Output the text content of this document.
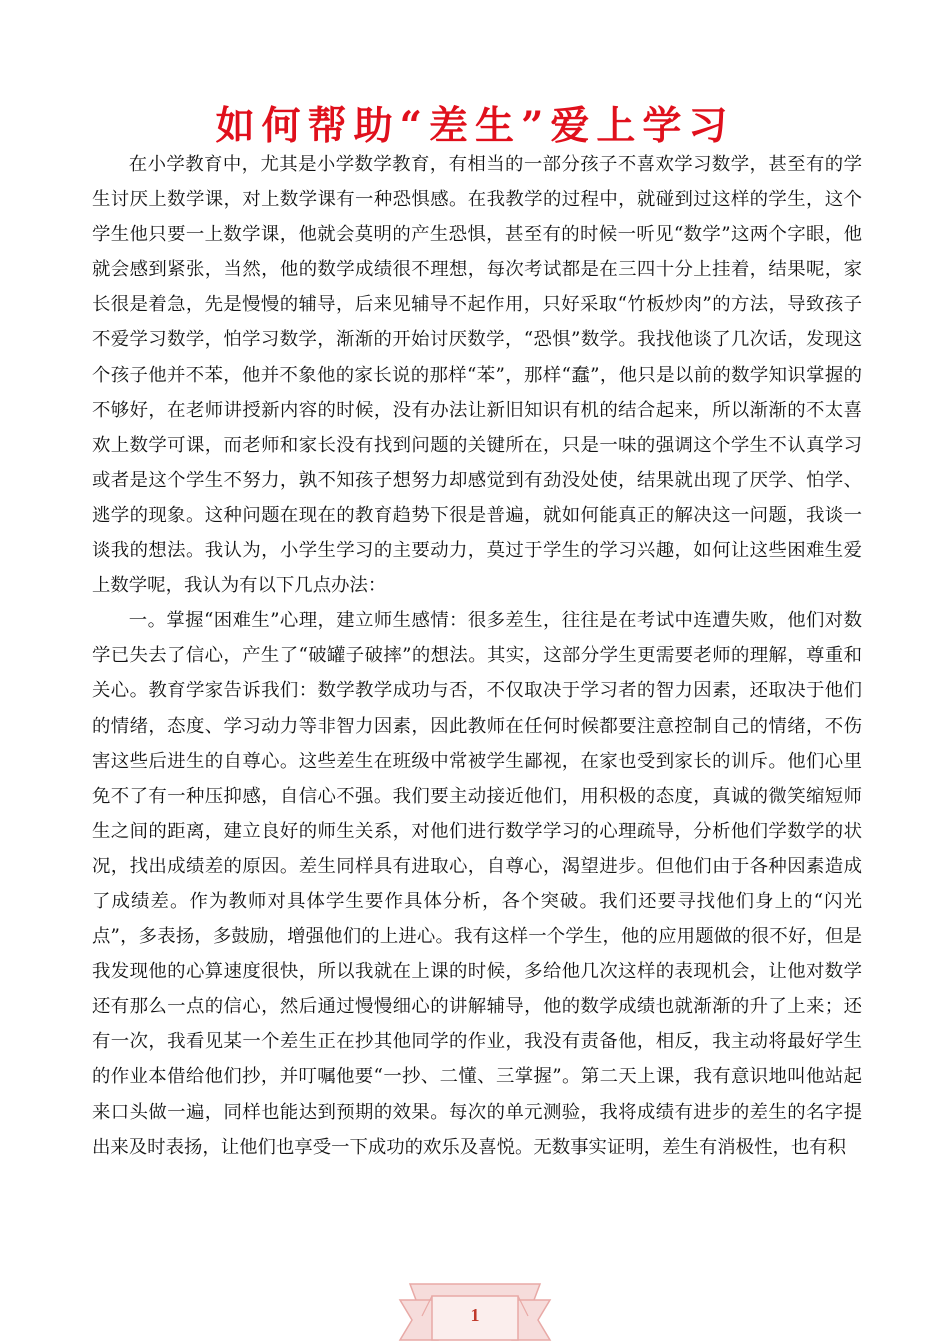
如何帮助“差生”爱上学习

在小学教育中，尤其是小学数学教育，有相当的一部分孩子不喜欢学习数学，甚至有的学生讨厌上数学课，对上数学课有一种恐惧感。在我教学的过程中，就碰到过这样的学生，这个学生他只要一上数学课，他就会莫明的产生恐惧，甚至有的时候一听见“数学”这两个字眼，他就会感到紧张，当然，他的数学成绩很不理想，每次考试都是在三四十分上挂着，结果呢，家长很是着急，先是慢慢的辅导，后来见辅导不起作用，只好采取“竹板炒肉”的方法，导致孩子不爱学习数学，怕学习数学，渐渐的开始讨厌数学，“恐惧”数学。我找他谈了几次话，发现这个孩子他并不苯，他并不象他的家长说的那样“苯”，那样“蠢”，他只是以前的数学知识掌握的不够好，在老师讲授新内容的时候，没有办法让新旧知识有机的结合起来，所以渐渐的不太喜欢上数学可课，而老师和家长没有找到问题的关键所在，只是一味的强调这个学生不认真学习或者是这个学生不努力，孰不知孩子想努力却感觉到有劲没处使，结果就出现了厌学、怕学、逃学的现象。这种问题在现在的教育趋势下很是普遍，就如何能真正的解决这一问题，我谈一谈我的想法。我认为，小学生学习的主要动力，莫过于学生的学习兴趣，如何让这些困难生爱上数学呢，我认为有以下几点办法：

一。掌握“困难生”心理，建立师生感情：很多差生，往往是在考试中连遭失败，他们对数学已失去了信心，产生了“破罐子破摔”的想法。其实，这部分学生更需要老师的理解，尊重和关心。教育学家告诉我们：数学教学成功与否，不仅取决于学习者的智力因素，还取决于他们的情绪，态度、学习动力等非智力因素，因此教师在任何时候都要注意控制自己的情绪，不伤害这些后进生的自尊心。这些差生在班级中常被学生鄙视，在家也受到家长的训斥。他们心里免不了有一种压抑感，自信心不强。我们要主动接近他们，用积极的态度，真诚的微笑缩短师生之间的距离，建立良好的师生关系，对他们进行数学学习的心理疏导，分析他们学数学的状况，找出成绩差的原因。差生同样具有进取心，自尊心，渴望进步。但他们由于各种因素造成了成绩差。作为教师对具体学生要作具体分析，各个突破。我们还要寻找他们身上的“闪光点”，多表扬，多鼓励，增强他们的上进心。我有这样一个学生，他的应用题做的很不好，但是我发现他的心算速度很快，所以我就在上课的时候，多给他几次这样的表现机会，让他对数学还有那么一点的信心，然后通过慢慢细心的讲解辅导，他的数学成绩也就渐渐的升了上来；还有一次，我看见某一个差生正在抄其他同学的作业，我没有责备他，相反，我主动将最好学生的作业本借给他们抄，并叮嘱他要“一抄、二懂、三掌握”。第二天上课，我有意识地叫他站起来口头做一遍，同样也能达到预期的效果。每次的单元测验，我将成绩有进步的差生的名字提出来及时表扬，让他们也享受一下成功的欢乐及喜悦。无数事实证明，差生有消极性，也有积

1
